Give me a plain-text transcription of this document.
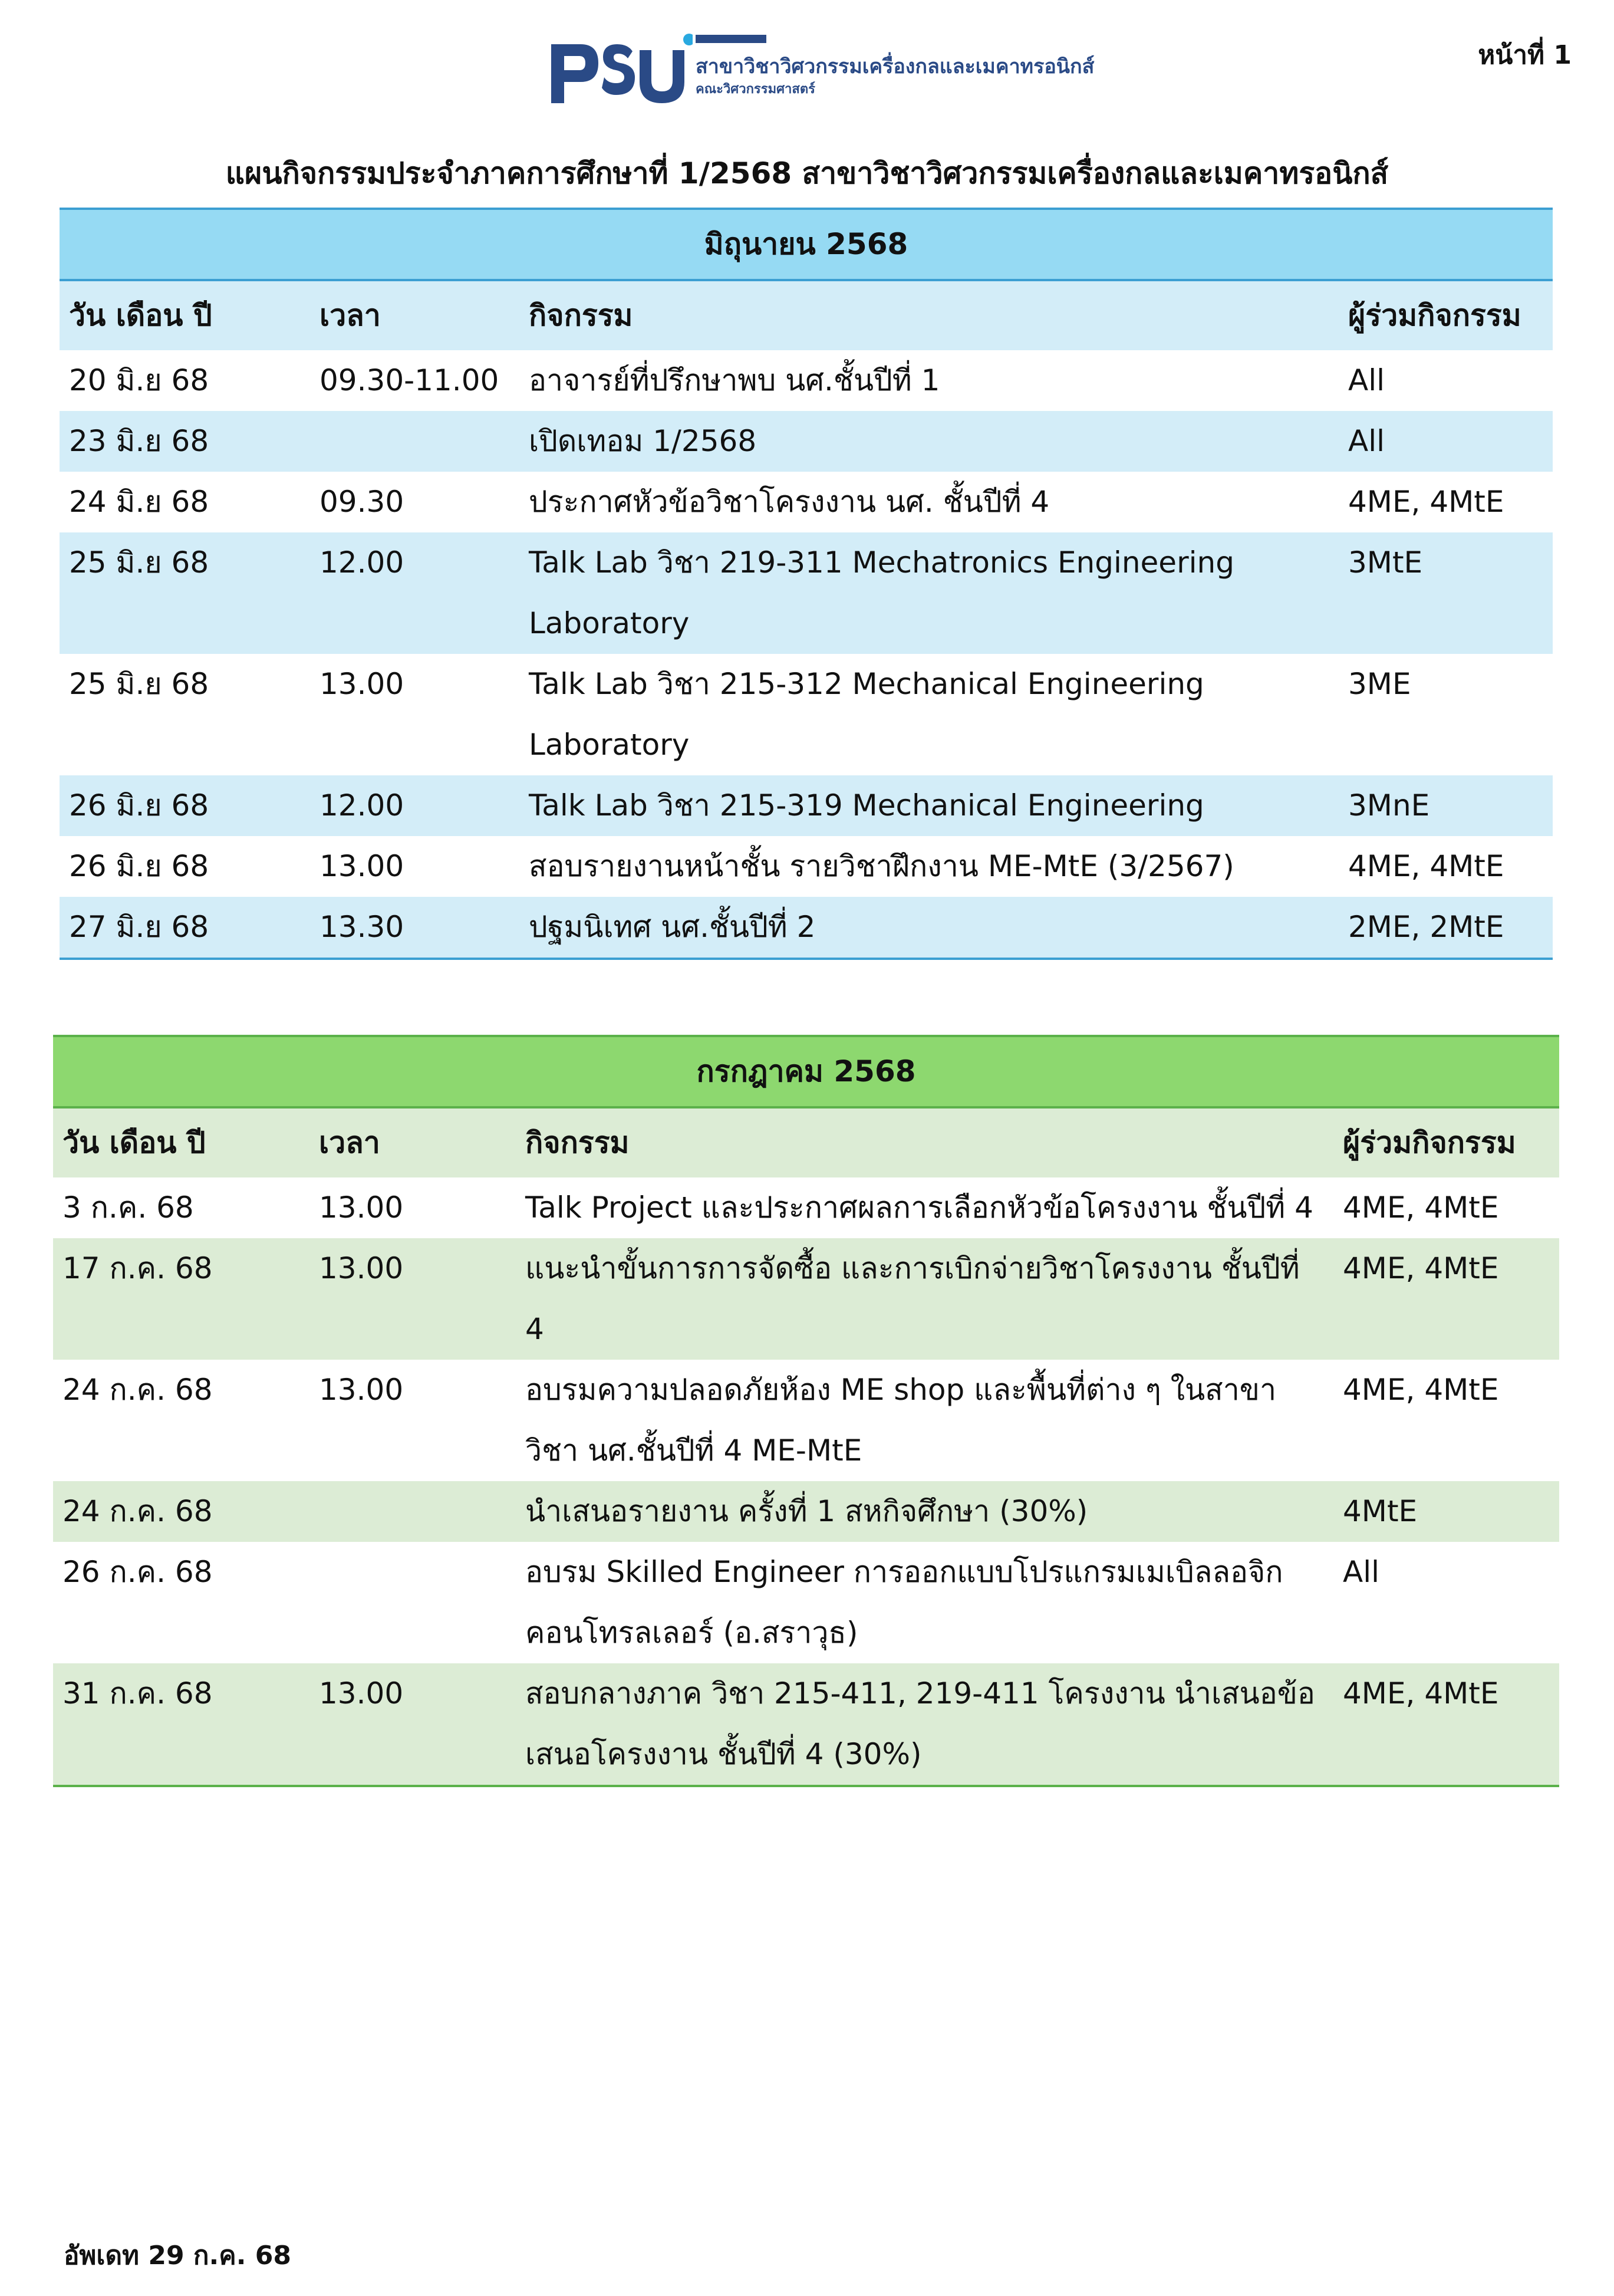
หน้าที่ 1
สาขาวิชาวิศวกรรมเครื่องกลและเมคาทรอนิกส์
คณะวิศวกรรมศาสตร์
แผนกิจกรรมประจำภาคการศึกษาที่ 1/2568 สาขาวิชาวิศวกรรมเครื่องกลและเมคาทรอนิกส์
มิถุนายน 2568			
วัน เดือน ปี	เวลา	กิจกรรม	ผู้ร่วมกิจกรรม
20 มิ.ย 68	09.30-11.00	อาจารย์ที่ปรึกษาพบ นศ.ชั้นปีที่ 1	All
23 มิ.ย 68		เปิดเทอม 1/2568	All
24 มิ.ย 68	09.30	ประกาศหัวข้อวิชาโครงงาน นศ. ชั้นปีที่ 4	4ME, 4MtE
25 มิ.ย 68	12.00	Talk Lab วิชา 219-311 Mechatronics Engineering Laboratory	3MtE
25 มิ.ย 68	13.00	Talk Lab วิชา 215-312 Mechanical Engineering Laboratory	3ME
26 มิ.ย 68	12.00	Talk Lab วิชา 215-319 Mechanical Engineering	3MnE
26 มิ.ย 68	13.00	สอบรายงานหน้าชั้น รายวิชาฝึกงาน ME-MtE (3/2567)	4ME, 4MtE
27 มิ.ย 68	13.30	ปฐมนิเทศ นศ.ชั้นปีที่ 2	2ME, 2MtE
กรกฎาคม 2568			
วัน เดือน ปี	เวลา	กิจกรรม	ผู้ร่วมกิจกรรม
3 ก.ค. 68	13.00	Talk Project และประกาศผลการเลือกหัวข้อโครงงาน ชั้นปีที่ 4	4ME, 4MtE
17 ก.ค. 68	13.00	แนะนำขั้นการการจัดซื้อ และการเบิกจ่ายวิชาโครงงาน ชั้นปีที่ 4	4ME, 4MtE
24 ก.ค. 68	13.00	อบรมความปลอดภัยห้อง ME shop และพื้นที่ต่าง ๆ ในสาขาวิชา นศ.ชั้นปีที่ 4 ME-MtE	4ME, 4MtE
24 ก.ค. 68		นำเสนอรายงาน ครั้งที่ 1 สหกิจศึกษา (30%)	4MtE
26 ก.ค. 68		อบรม Skilled Engineer การออกแบบโปรแกรมเมเบิลลอจิกคอนโทรลเลอร์ (อ.สราวุธ)	All
31 ก.ค. 68	13.00	สอบกลางภาค วิชา 215-411, 219-411 โครงงาน นำเสนอข้อเสนอโครงงาน ชั้นปีที่ 4 (30%)	4ME, 4MtE
อัพเดท 29 ก.ค. 68
